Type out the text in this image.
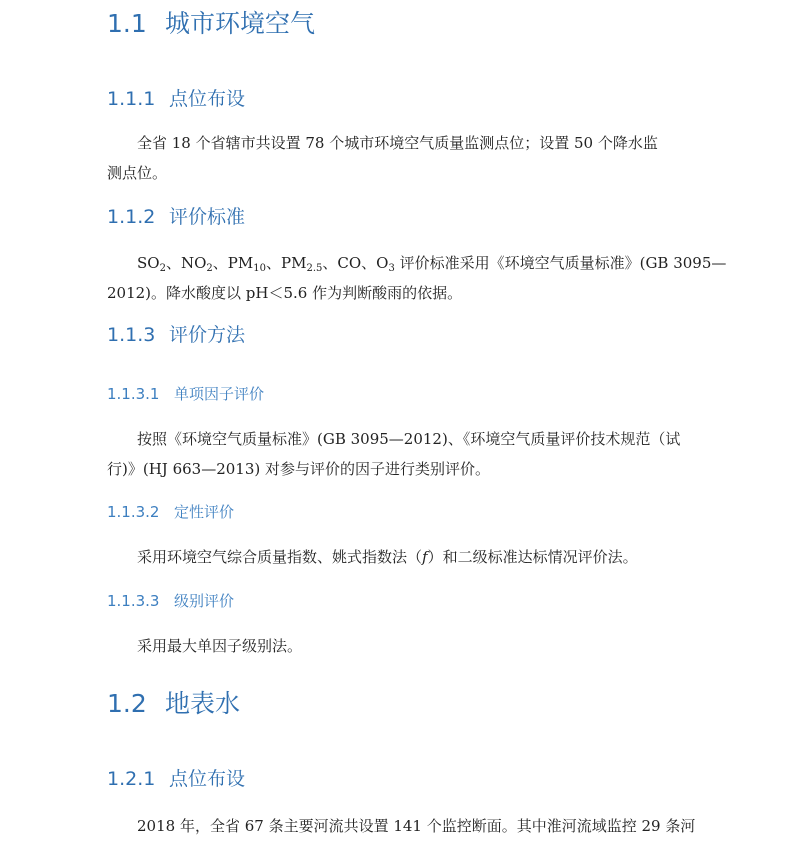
1.1 城市环境空气
1.1.1 点位布设

全省 18 个省辖市共设置 78 个城市环境空气质量监测点位；设置 50 个降水监
测点位。

1.1.2 评价标准

$SO_2$、$NO_2$、$PM_{10}$、$PM_{2.5}$、CO、$O_3$ 评价标准采用《环境空气质量标准》(GB 3095—
2012)。降水酸度以 pH＜5.6 作为判断酸雨的依据。

1.1.3 评价方法
1.1.3.1 单项因子评价

按照《环境空气质量标准》(GB 3095—2012)、《环境空气质量评价技术规范（试
行)》(HJ 663—2013) 对参与评价的因子进行类别评价。

1.1.3.2 定性评价

采用环境空气综合质量指数、姚式指数法（f）和二级标准达标情况评价法。

1.1.3.3 级别评价

采用最大单因子级别法。

1.2 地表水
1.2.1 点位布设

2018 年，全省 67 条主要河流共设置 141 个监控断面。其中淮河流域监控 29 条河
